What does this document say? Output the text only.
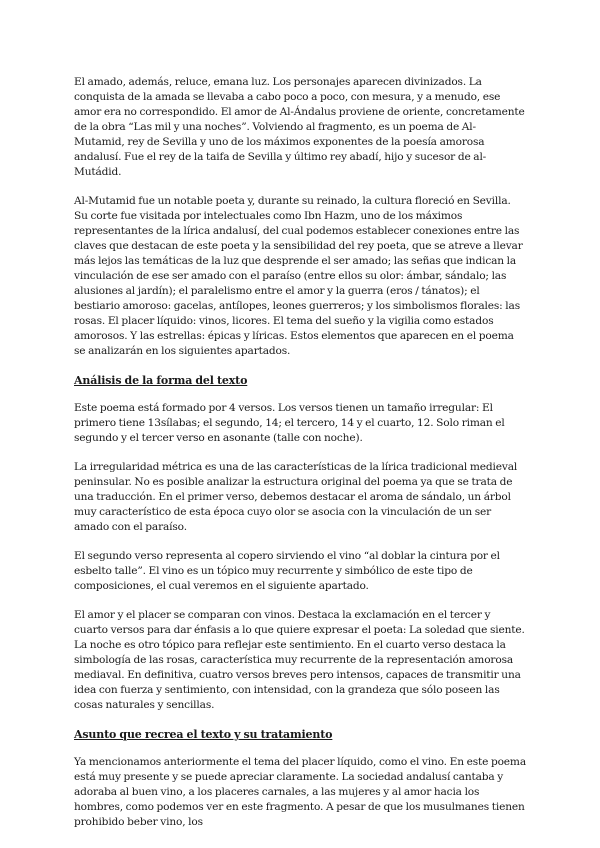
El amado, además, reluce, emana luz. Los personajes aparecen divinizados. La conquista de la amada se llevaba a cabo poco a poco, con mesura, y a menudo, ese amor era no correspondido. El amor de Al-Ándalus proviene de oriente, concretamente de la obra “Las mil y una noches”. Volviendo al fragmento, es un poema de Al-Mutamid, rey de Sevilla y uno de los máximos exponentes de la poesía amorosa andalusí. Fue el rey de la taifa de Sevilla y último rey abadí, hijo y sucesor de al-Mutádid.

Al-Mutamid fue un notable poeta y, durante su reinado, la cultura floreció en Sevilla. Su corte fue visitada por intelectuales como Ibn Hazm, uno de los máximos representantes de la lírica andalusí, del cual podemos establecer conexiones entre las claves que destacan de este poeta y la sensibilidad del rey poeta, que se atreve a llevar más lejos las temáticas de la luz que desprende el ser amado; las señas que indican la vinculación de ese ser amado con el paraíso (entre ellos su olor: ámbar, sándalo; las alusiones al jardín); el paralelismo entre el amor y la guerra (eros / tánatos); el bestiario amoroso: gacelas, antílopes, leones guerreros; y los simbolismos florales: las rosas. El placer líquido: vinos, licores. El tema del sueño y la vigilia como estados amorosos. Y las estrellas: épicas y líricas. Estos elementos que aparecen en el poema se analizarán en los siguientes apartados.

Análisis de la forma del texto

Este poema está formado por 4 versos. Los versos tienen un tamaño irregular: El primero tiene 13sílabas; el segundo, 14; el tercero, 14 y el cuarto, 12. Solo riman el segundo y el tercer verso en asonante (talle con noche).

La irregularidad métrica es una de las características de la lírica tradicional medieval peninsular. No es posible analizar la estructura original del poema ya que se trata de una traducción. En el primer verso, debemos destacar el aroma de sándalo, un árbol muy característico de esta época cuyo olor se asocia con la vinculación de un ser amado con el paraíso.

El segundo verso representa al copero sirviendo el vino “al doblar la cintura por el esbelto talle”. El vino es un tópico muy recurrente y simbólico de este tipo de composiciones, el cual veremos en el siguiente apartado.

El amor y el placer se comparan con vinos. Destaca la exclamación en el tercer y cuarto versos para dar énfasis a lo que quiere expresar el poeta: La soledad que siente. La noche es otro tópico para reflejar este sentimiento. En el cuarto verso destaca la simbología de las rosas, característica muy recurrente de la representación amorosa mediaval. En definitiva, cuatro versos breves pero intensos, capaces de transmitir una idea con fuerza y sentimiento, con intensidad, con la grandeza que sólo poseen las cosas naturales y sencillas.

Asunto que recrea el texto y su tratamiento

Ya mencionamos anteriormente el tema del placer líquido, como el vino. En este poema está muy presente y se puede apreciar claramente. La sociedad andalusí cantaba y adoraba al buen vino, a los placeres carnales, a las mujeres y al amor hacia los hombres, como podemos ver en este fragmento. A pesar de que los musulmanes tienen prohibido beber vino, los
